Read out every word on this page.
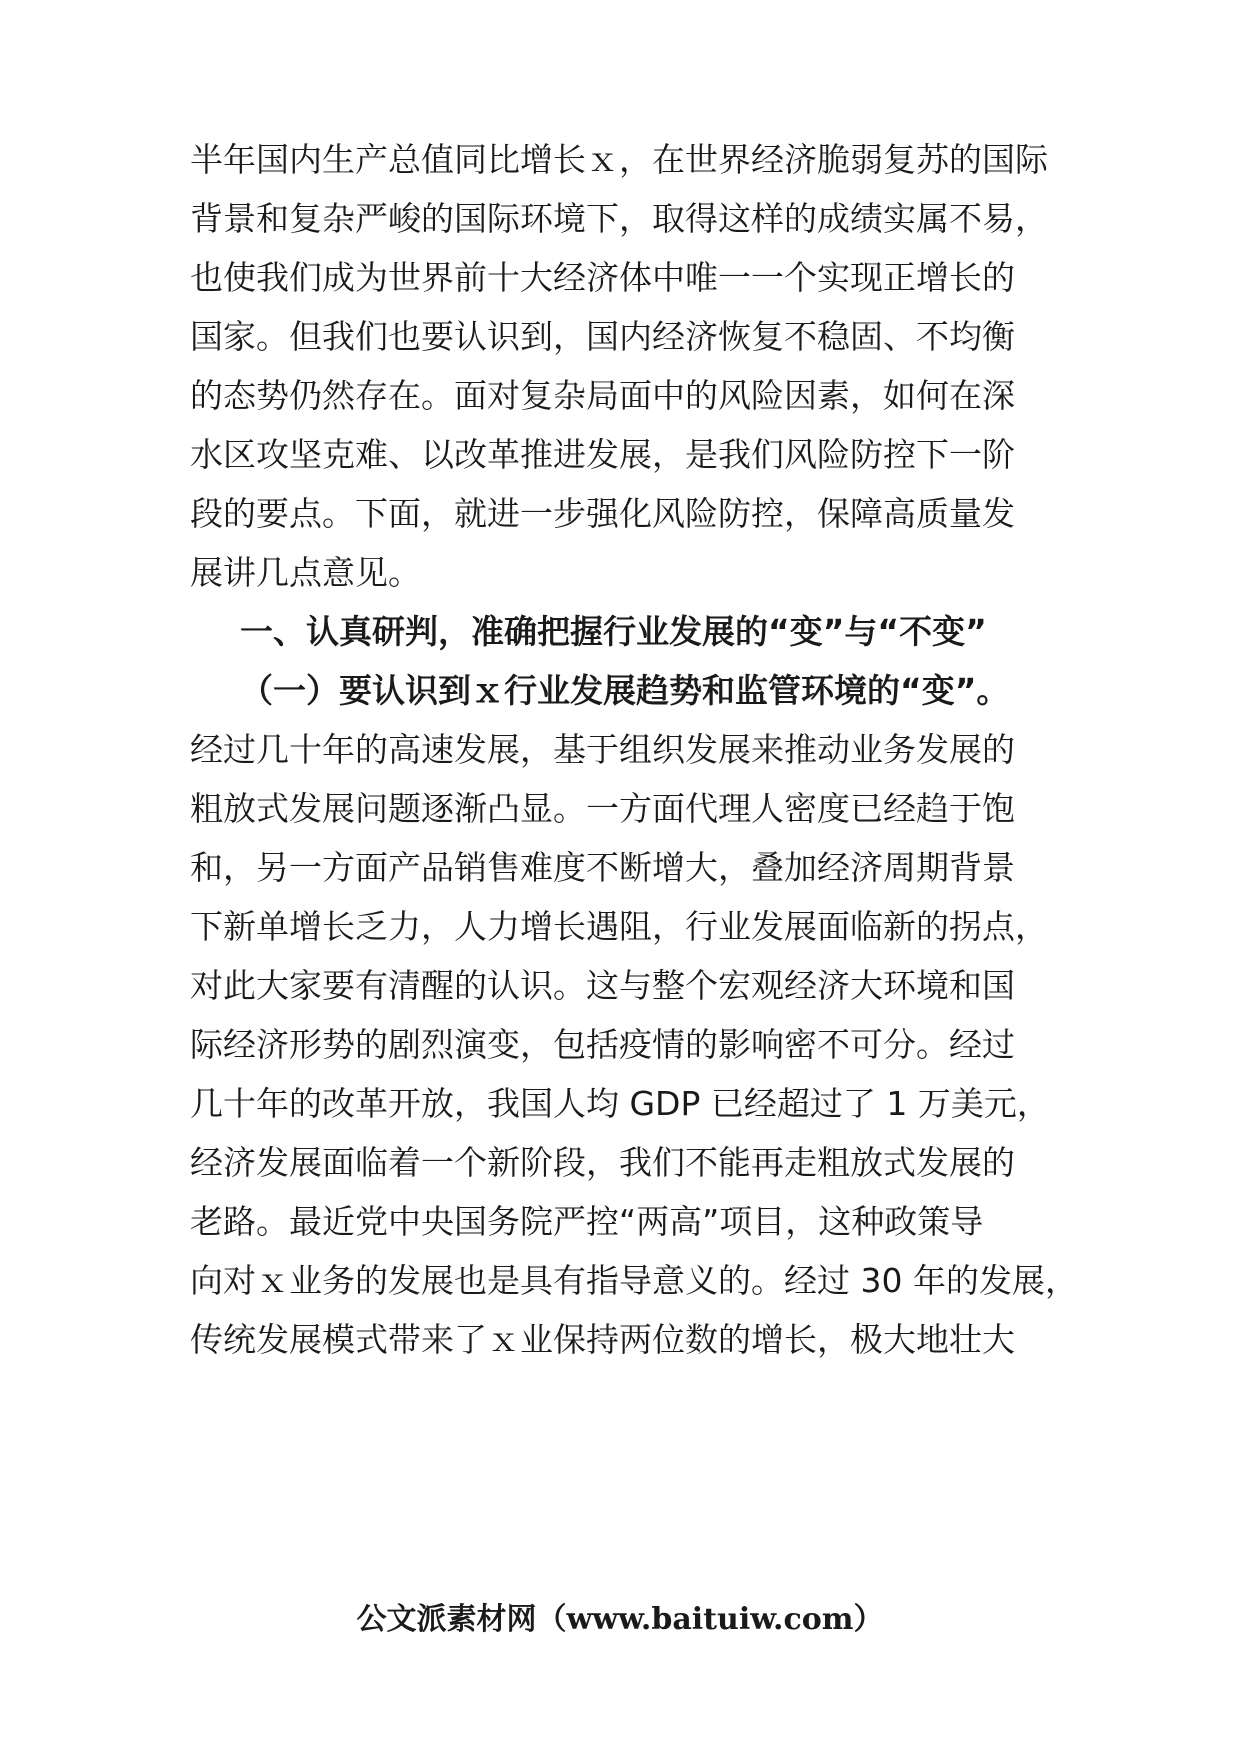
半年国内生产总值同比增长ｘ，在世界经济脆弱复苏的国际
背景和复杂严峻的国际环境下，取得这样的成绩实属不易，
也使我们成为世界前十大经济体中唯一一个实现正增长的
国家。但我们也要认识到，国内经济恢复不稳固、不均衡
的态势仍然存在。面对复杂局面中的风险因素，如何在深
水区攻坚克难、以改革推进发展，是我们风险防控下一阶
段的要点。下面，就进一步强化风险防控，保障高质量发
展讲几点意见。
一、认真研判，准确把握行业发展的“变”与“不变”
（一）要认识到ｘ行业发展趋势和监管环境的“变”。
经过几十年的高速发展，基于组织发展来推动业务发展的
粗放式发展问题逐渐凸显。一方面代理人密度已经趋于饱
和，另一方面产品销售难度不断增大，叠加经济周期背景
下新单增长乏力，人力增长遇阻，行业发展面临新的拐点，
对此大家要有清醒的认识。这与整个宏观经济大环境和国
际经济形势的剧烈演变，包括疫情的影响密不可分。经过
几十年的改革开放，我国人均 GDP 已经超过了 1 万美元，
经济发展面临着一个新阶段，我们不能再走粗放式发展的
老路。最近党中央国务院严控“两高”项目，这种政策导
向对ｘ业务的发展也是具有指导意义的。经过 30 年的发展，
传统发展模式带来了ｘ业保持两位数的增长，极大地壮大
公文派素材网（www.baituiw.com）
